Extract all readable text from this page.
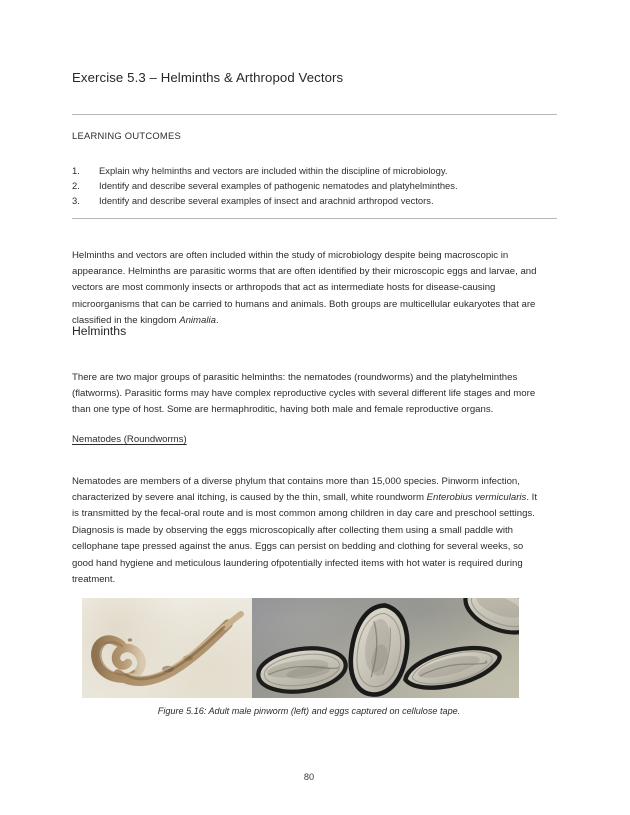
Exercise 5.3 – Helminths & Arthropod Vectors
LEARNING OUTCOMES
1. Explain why helminths and vectors are included within the discipline of microbiology.
2. Identify and describe several examples of pathogenic nematodes and platyhelminthes.
3. Identify and describe several examples of insect and arachnid arthropod vectors.

Helminths and vectors are often included within the study of microbiology despite being macroscopic in appearance. Helminths are parasitic worms that are often identified by their microscopic eggs and larvae, and vectors are most commonly insects or arthropods that act as intermediate hosts for disease-causing microorganisms that can be carried to humans and animals. Both groups are multicellular eukaryotes that are classified in the kingdom Animalia.

Helminths

There are two major groups of parasitic helminths: the nematodes (roundworms) and the platyhelminthes (flatworms). Parasitic forms may have complex reproductive cycles with several different life stages and more than one type of host. Some are hermaphroditic, having both male and female reproductive organs.

Nematodes (Roundworms)

Nematodes are members of a diverse phylum that contains more than 15,000 species. Pinworm infection, characterized by severe anal itching, is caused by the thin, small, white roundworm Enterobius vermicularis. It is transmitted by the fecal-oral route and is most common among children in day care and preschool settings. Diagnosis is made by observing the eggs microscopically after collecting them using a small paddle with cellophane tape pressed against the anus. Eggs can persist on bedding and clothing for several weeks, so good hand hygiene and meticulous laundering ofpotentially infected items with hot water is required during treatment.

Figure 5.16: Adult male pinworm (left) and eggs captured on cellulose tape.
80
